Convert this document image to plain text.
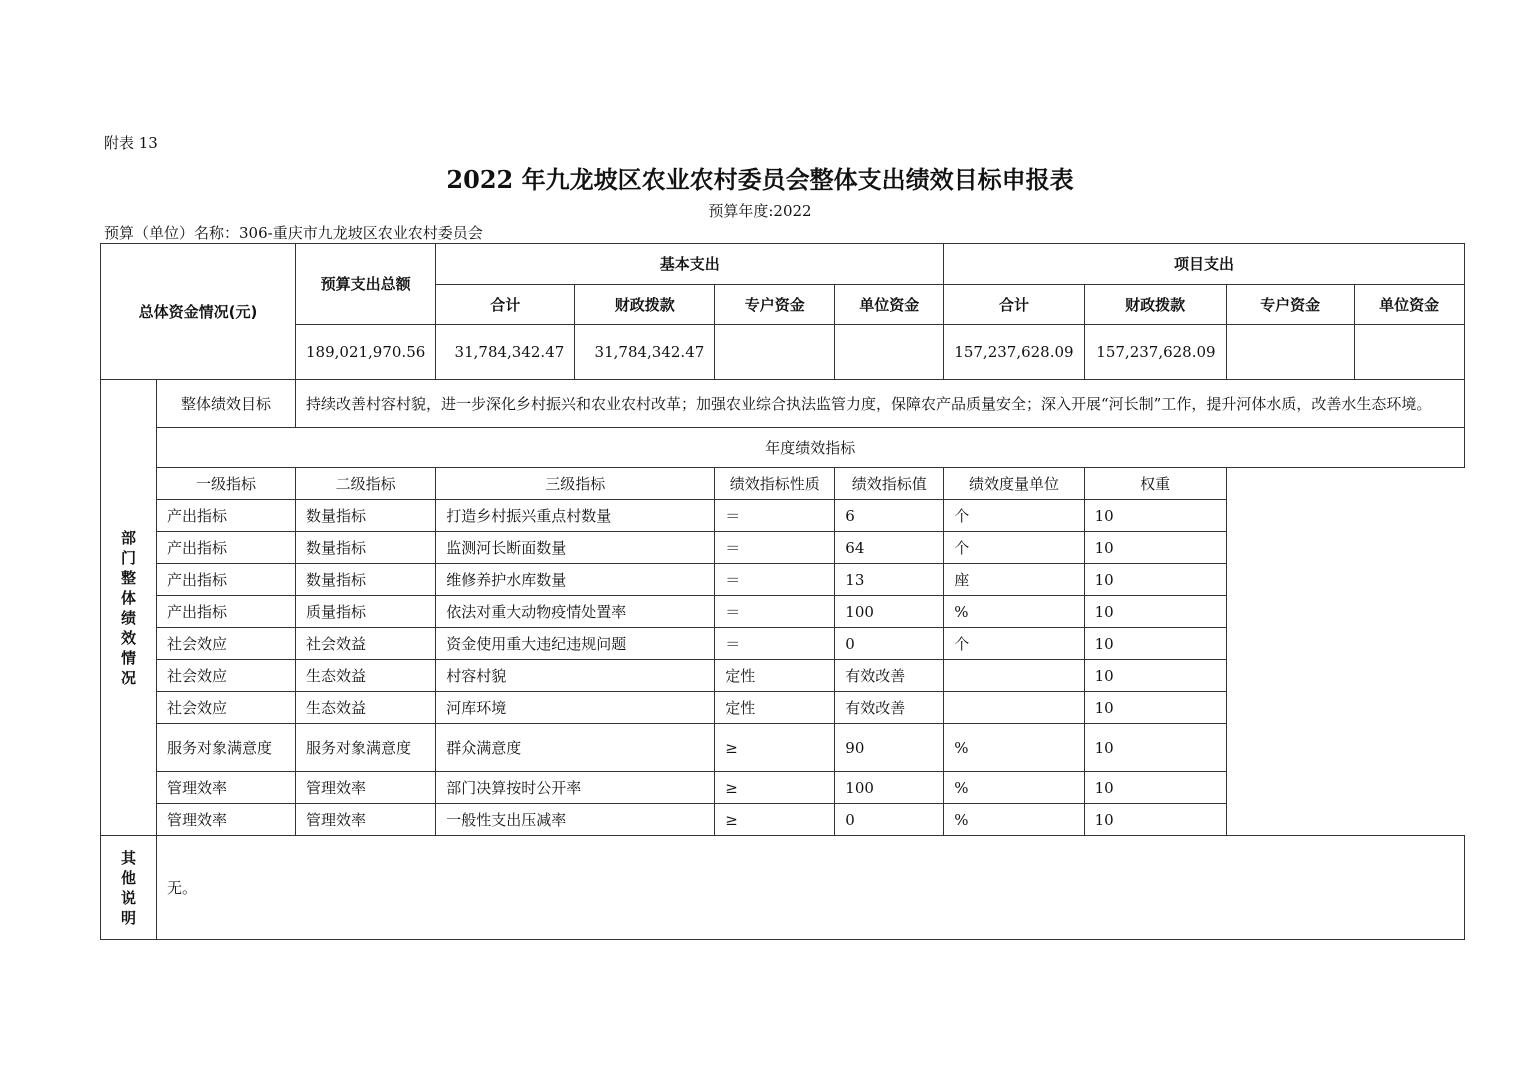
附表 13
2022 年九龙坡区农业农村委员会整体支出绩效目标申报表
预算年度:2022
预算（单位）名称：306-重庆市九龙坡区农业农村委员会
总体资金情况(元)		预算支出总额	基本支出				项目支出			
			合计	财政拨款	专户资金	单位资金	合计	财政拨款	专户资金	单位资金
		189,021,970.56	31,784,342.47	31,784,342.47			157,237,628.09	157,237,628.09		
部门整体绩效情况	整体绩效目标	持续改善村容村貌，进一步深化乡村振兴和农业农村改革；加强农业综合执法监管力度，保障农产品质量安全；深入开展“河长制”工作，提升河体水质，改善水生态环境。								
	年度绩效指标									
	一级指标	二级指标	三级指标		绩效指标性质	绩效指标值	绩效度量单位	权重		
	产出指标	数量指标	打造乡村振兴重点村数量		＝	6	个	10		
	产出指标	数量指标	监测河长断面数量		＝	64	个	10		
	产出指标	数量指标	维修养护水库数量		＝	13	座	10		
	产出指标	质量指标	依法对重大动物疫情处置率		＝	100	%	10		
	社会效应	社会效益	资金使用重大违纪违规问题		＝	0	个	10		
	社会效应	生态效益	村容村貌		定性	有效改善		10		
	社会效应	生态效益	河库环境		定性	有效改善		10		
	服务对象满意度	服务对象满意度	群众满意度		≥	90	%	10		
	管理效率	管理效率	部门决算按时公开率		≥	100	%	10		
	管理效率	管理效率	一般性支出压减率		≥	0	%	10		
其他说明	无。									
